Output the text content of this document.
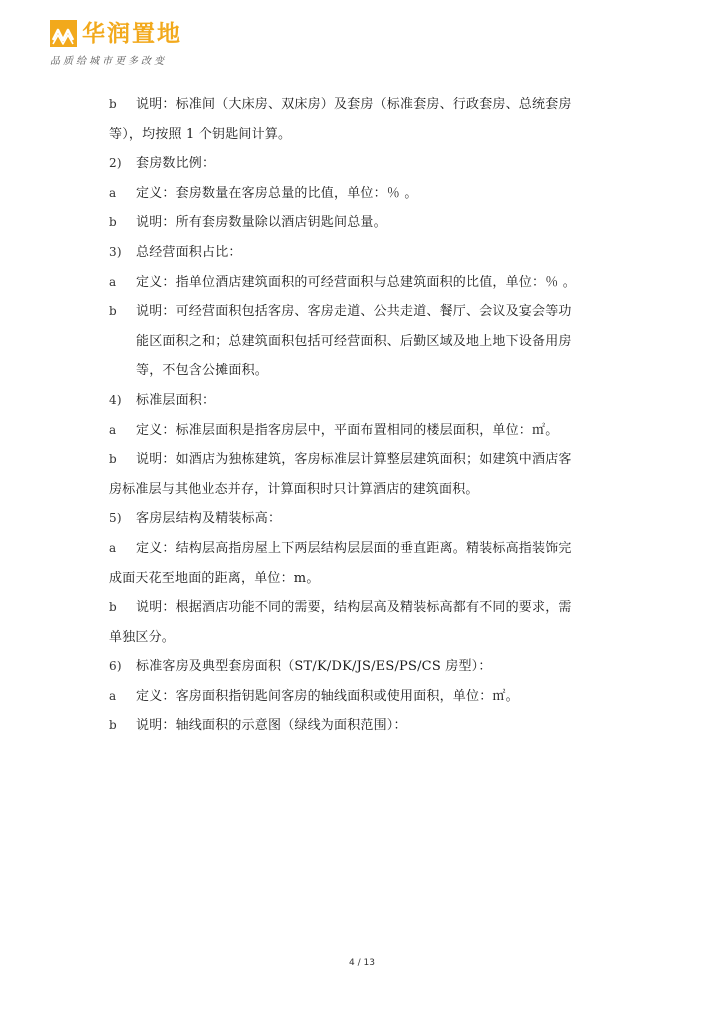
华润置地
品质给城市更多改变
b 说明：标准间（大床房、双床房）及套房（标准套房、行政套房、总统套房
等），均按照 1 个钥匙间计算。
2) 套房数比例：
a 定义：套房数量在客房总量的比值，单位：％ 。
b 说明：所有套房数量除以酒店钥匙间总量。
3) 总经营面积占比：
a 定义：指单位酒店建筑面积的可经营面积与总建筑面积的比值，单位：％ 。
b 说明：可经营面积包括客房、客房走道、公共走道、餐厅、会议及宴会等功
能区面积之和；总建筑面积包括可经营面积、后勤区域及地上地下设备用房
等，不包含公摊面积。
4) 标准层面积：
a 定义：标准层面积是指客房层中，平面布置相同的楼层面积，单位：㎡。
b 说明：如酒店为独栋建筑，客房标准层计算整层建筑面积；如建筑中酒店客
房标准层与其他业态并存，计算面积时只计算酒店的建筑面积。
5) 客房层结构及精装标高：
a 定义：结构层高指房屋上下两层结构层层面的垂直距离。精装标高指装饰完
成面天花至地面的距离，单位：m。
b 说明：根据酒店功能不同的需要，结构层高及精装标高都有不同的要求，需
单独区分。
6) 标准客房及典型套房面积（ST/K/DK/JS/ES/PS/CS 房型）：
a 定义：客房面积指钥匙间客房的轴线面积或使用面积，单位：㎡。
b 说明：轴线面积的示意图（绿线为面积范围）：
4 / 13
